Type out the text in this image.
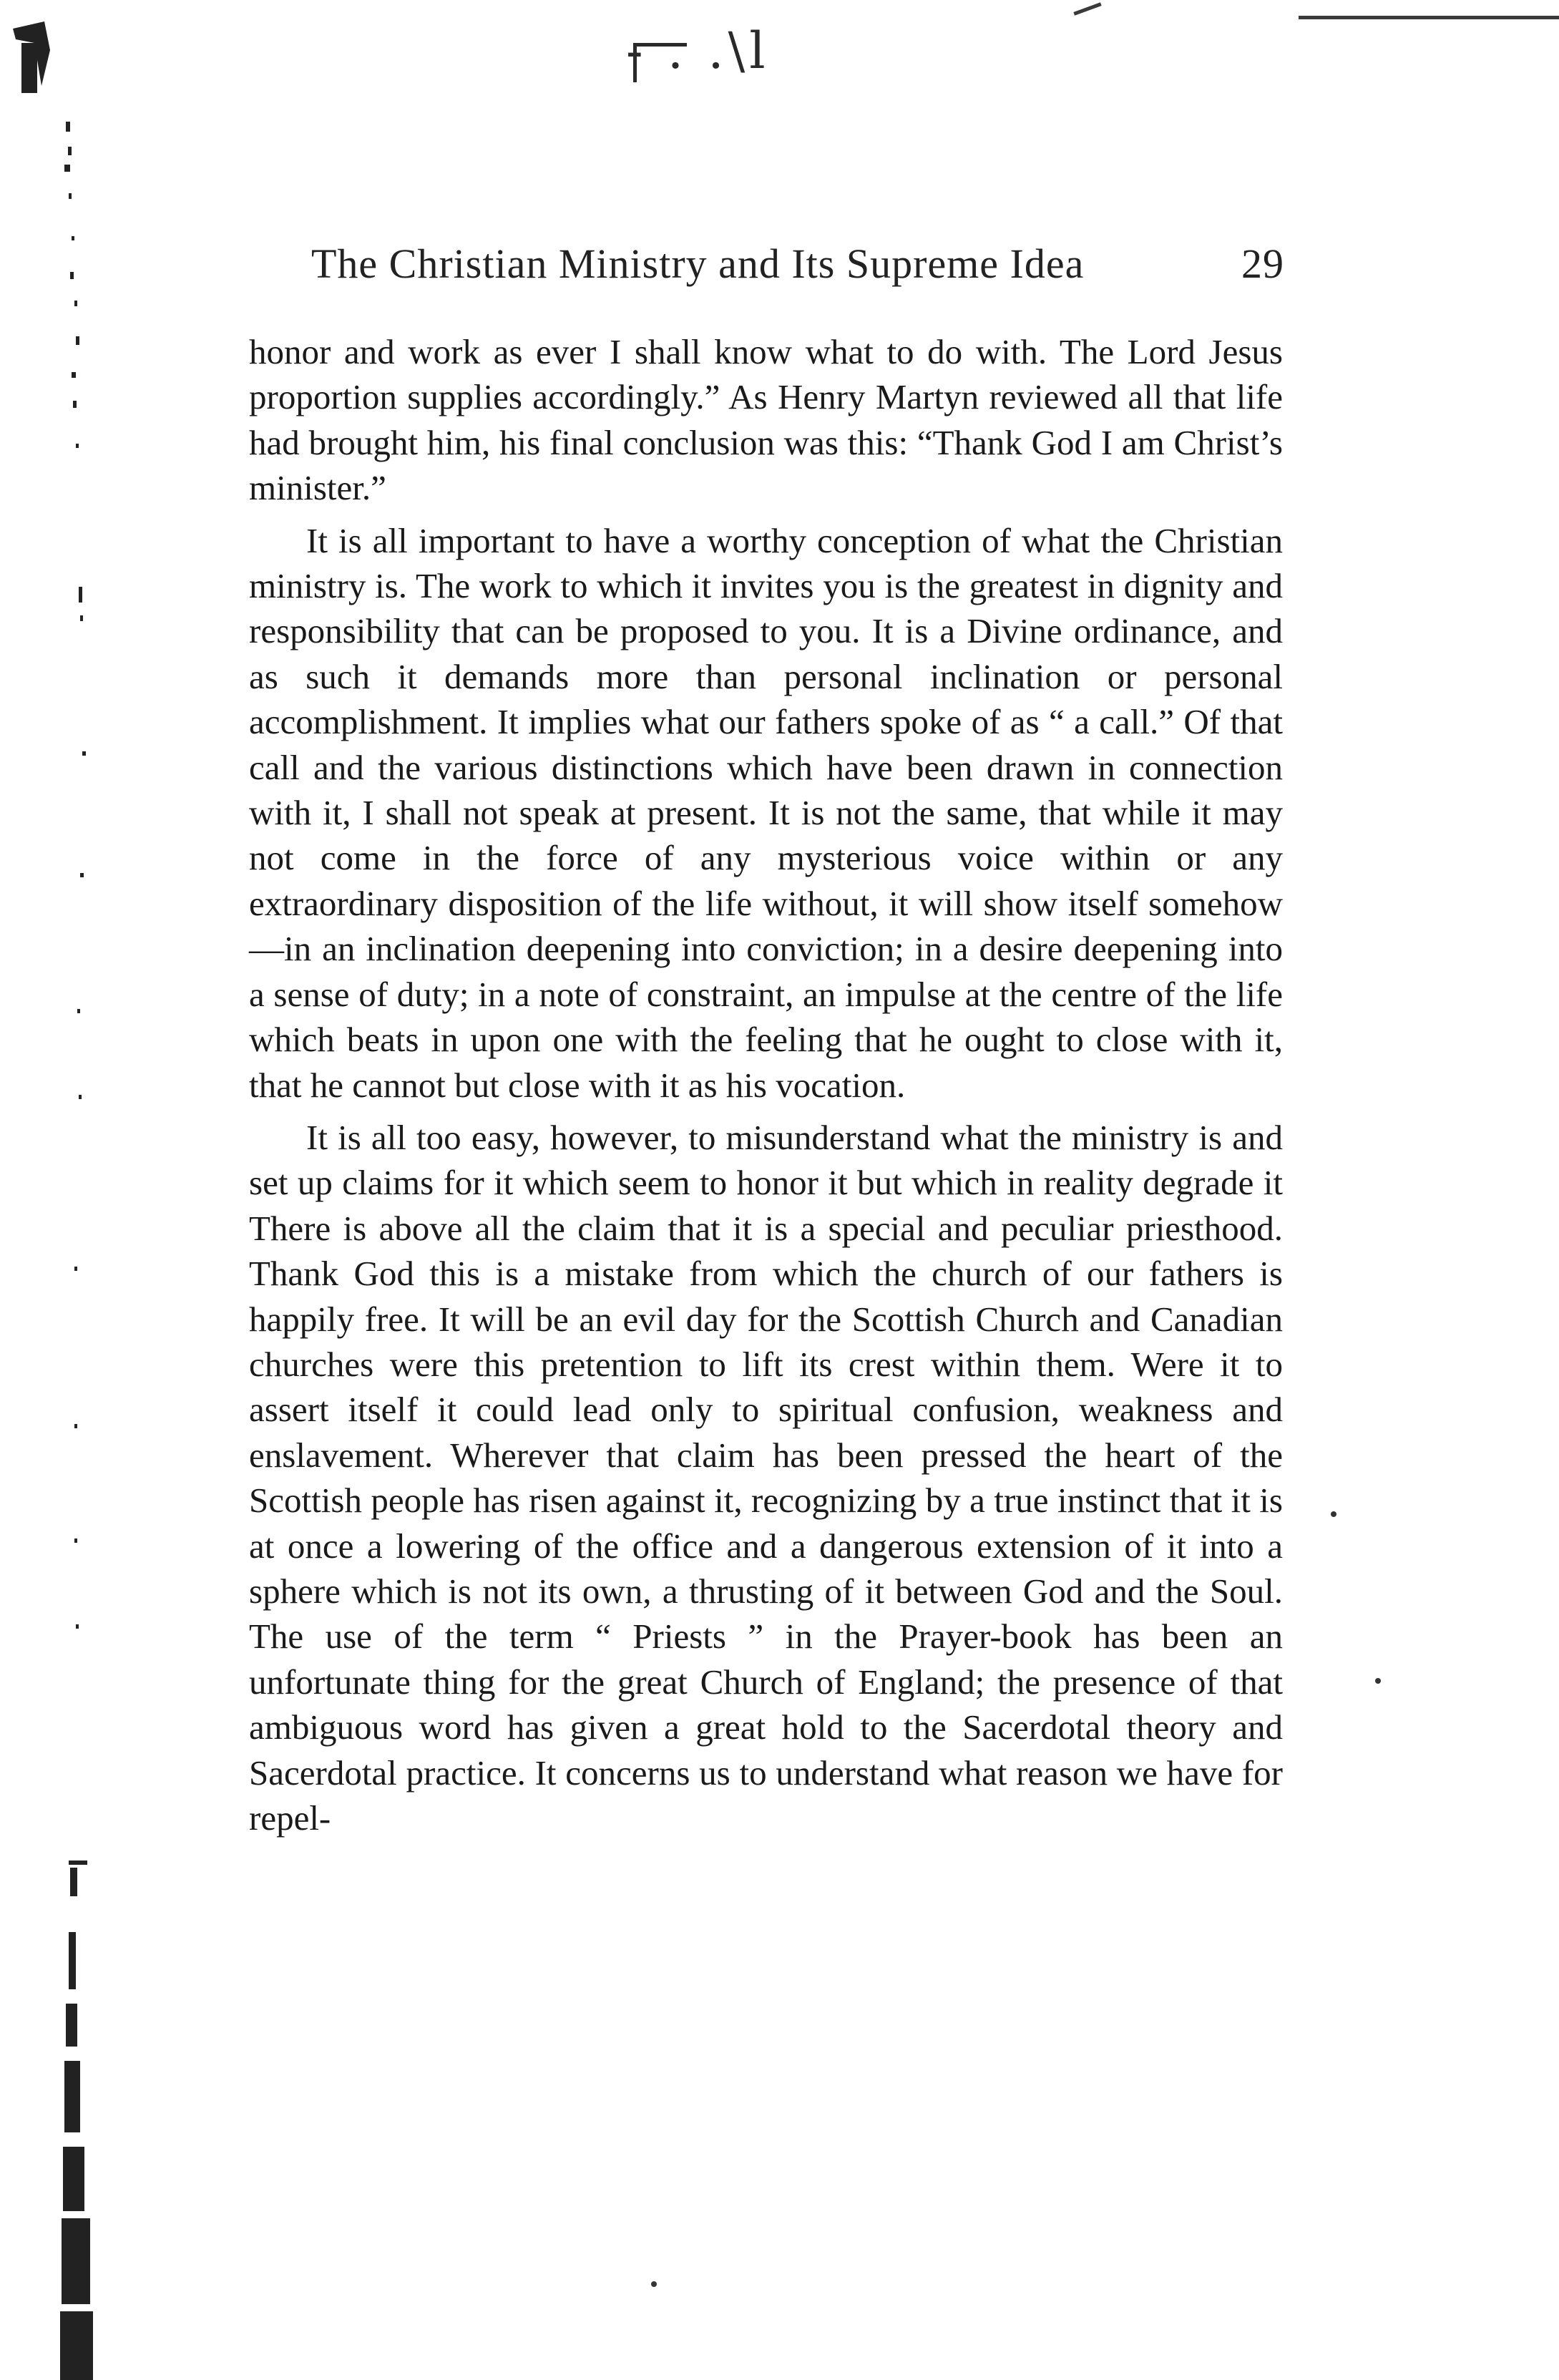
- . .\l
The Christian Ministry and Its Supreme Idea	29

honor and work as ever I shall know what to do with. The Lord Jesus proportion supplies accordingly.” As Henry Martyn reviewed all that life had brought him, his final conclusion was this: “Thank God I am Christ’s minister.”

It is all important to have a worthy conception of what the Christian ministry is. The work to which it invites you is the greatest in dignity and responsibility that can be proposed to you. It is a Divine ordinance, and as such it demands more than personal inclination or personal accomplishment. It implies what our fathers spoke of as “ a call.” Of that call and the various distinctions which have been drawn in connection with it, I shall not speak at present. It is not the same, that while it may not come in the force of any mysterious voice within or any extraordinary disposition of the life without, it will show itself somehow—in an inclination deepening into conviction; in a desire deepening into a sense of duty; in a note of constraint, an impulse at the centre of the life which beats in upon one with the feeling that he ought to close with it, that he cannot but close with it as his vocation.

It is all too easy, however, to misunderstand what the ministry is and set up claims for it which seem to honor it but which in reality degrade it There is above all the claim that it is a special and peculiar priesthood. Thank God this is a mistake from which the church of our fathers is happily free. It will be an evil day for the Scottish Church and Canadian churches were this pretention to lift its crest within them. Were it to assert itself it could lead only to spiritual confusion, weakness and enslavement. Wherever that claim has been pressed the heart of the Scottish people has risen against it, recognizing by a true instinct that it is at once a lowering of the office and a dangerous extension of it into a sphere which is not its own, a thrusting of it between God and the Soul. The use of the term “ Priests ” in the Prayer-book has been an unfortunate thing for the great Church of England; the presence of that ambiguous word has given a great hold to the Sacerdotal theory and Sacerdotal practice. It concerns us to understand what reason we have for repel-
